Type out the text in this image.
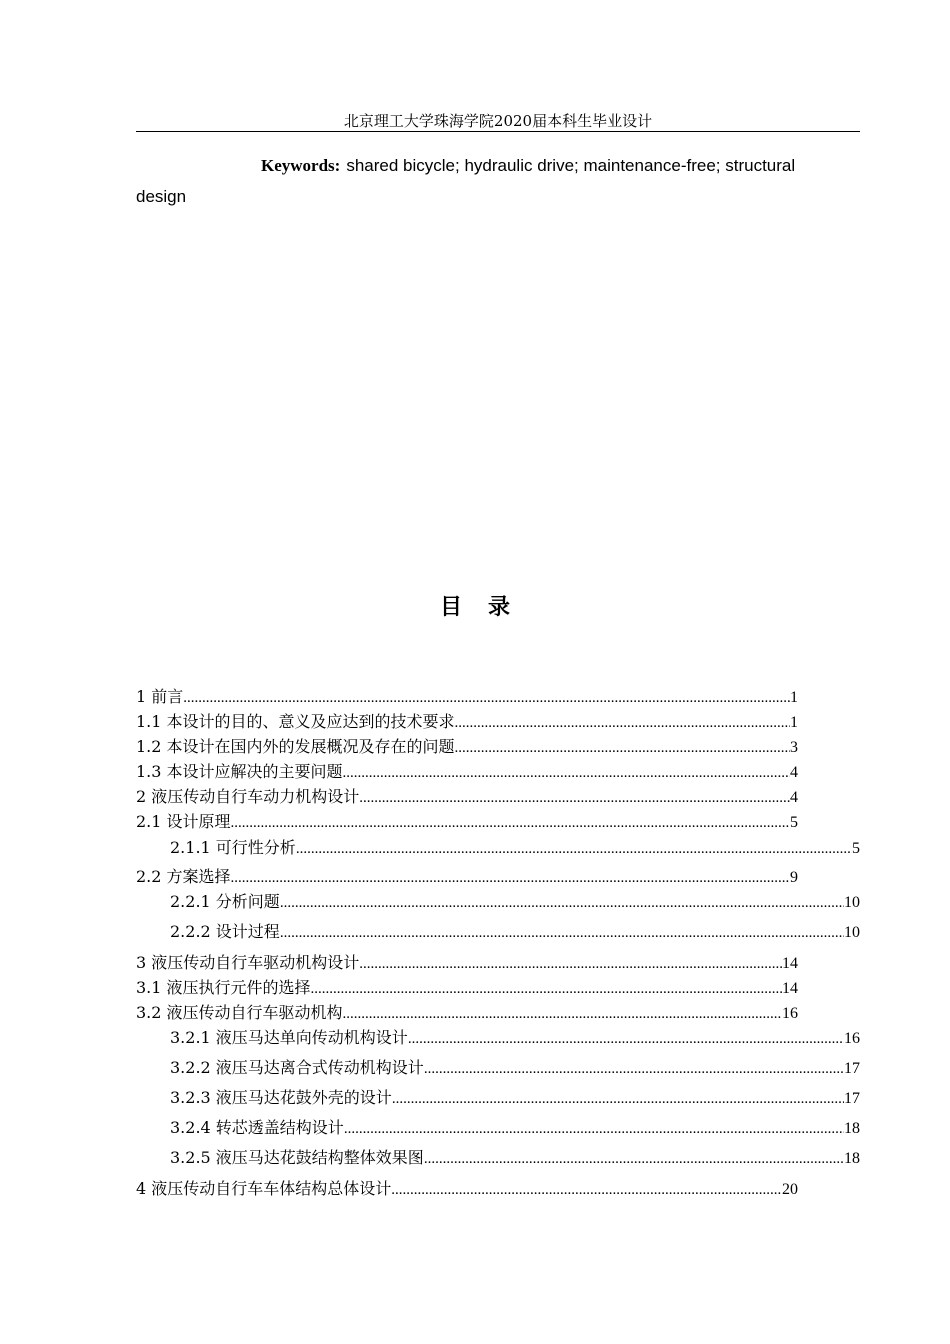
北京理工大学珠海学院2020届本科生毕业设计
Keywords: shared bicycle; hydraulic drive; maintenance-free; structural design
目录
1 前言 .....	1
1.1 本设计的目的、意义及应达到的技术要求 .....	1
1.2 本设计在国内外的发展概况及存在的问题 .....	3
1.3 本设计应解决的主要问题 .....	4
2 液压传动自行车动力机构设计 .....	4
2.1 设计原理 .....	5
2.1.1 可行性分析 .....	5
2.2 方案选择 .....	9
2.2.1 分析问题 .....	10
2.2.2 设计过程 .....	10
3 液压传动自行车驱动机构设计 .....	14
3.1 液压执行元件的选择 .....	14
3.2 液压传动自行车驱动机构 .....	16
3.2.1 液压马达单向传动机构设计 .....	16
3.2.2 液压马达离合式传动机构设计 .....	17
3.2.3 液压马达花鼓外壳的设计 .....	17
3.2.4 转芯透盖结构设计 .....	18
3.2.5 液压马达花鼓结构整体效果图 .....	18
4 液压传动自行车车体结构总体设计 .....	20
